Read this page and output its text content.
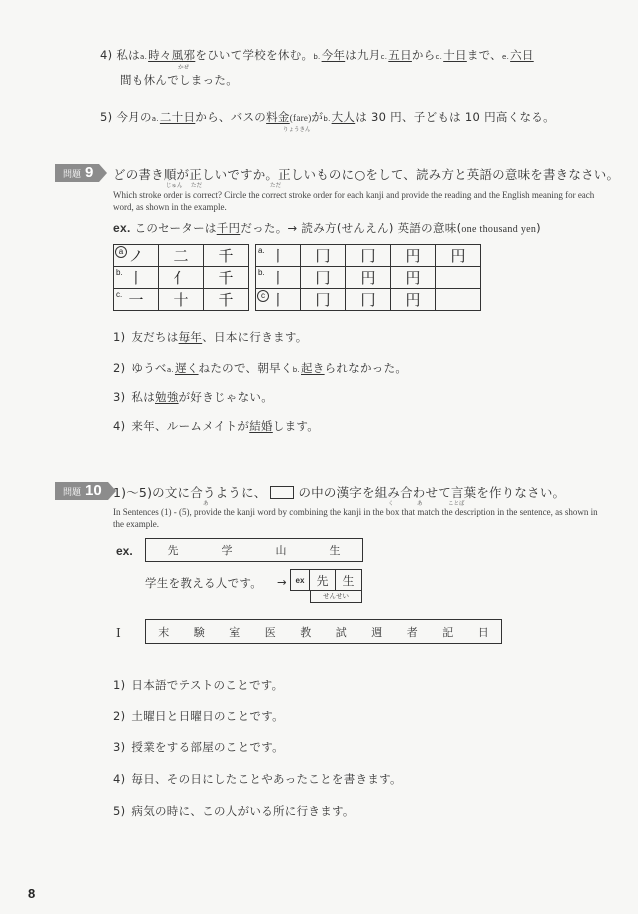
4) 私はa.時々風邪をひいて学校を休む。b.今年は九月c.五日からc.十日まで、e.六日
かぜ
間も休んでしまった。
5) 今月のa.二十日から、バスの料金(fare)がb.大人は 30 円、子どもは 10 円高くなる。
りょうきん
問題 9	どの書き順が正しいですか。正しいものに○をして、読み方と英語の意味を書きなさい。
じゅん ただ	ただ
Which stroke order is correct? Circle the correct stroke order for each kanji and provide the reading and the English meaning for each word, as shown in the example.
ex. このセーターは千円だった。→ 読み方(せんえん) 英語の意味(one thousand yen)
a ノ	二	千

b. 丨	亻	千

c. 一	十	千
a. 丨	冂	冂	円	円

b. 丨	冂	円	円	

c 丨	冂	冂	円	
1) 友だちは毎年、日本に行きます。
2) ゆうべa.遅くねたので、朝早くb.起きられなかった。
3) 私は勉強が好きじゃない。
4) 来年、ルームメイトが結婚します。
問題 10 1)〜5)の文に 合 うように、	の中の漢字を 組 み 合 わせて 言葉 を作りなさい。
あ	く	あ	ことば
In Sentences (1) - (5), provide the kanji word by combining the kanji in the box that match the description in the sentence, as shown in the example.
ex.	先	学	山	生
学生を教える人です。 →	ex	先	生
せんせい
Ⅰ	末 験 室 医 教 試 週 者 記 日
1) 日本語でテストのことです。
2) 土曜日と日曜日のことです。
3) 授業をする部屋のことです。
4) 毎日、その日にしたことやあったことを書きます。
5) 病気の時に、この人がいる所に行きます。
8
